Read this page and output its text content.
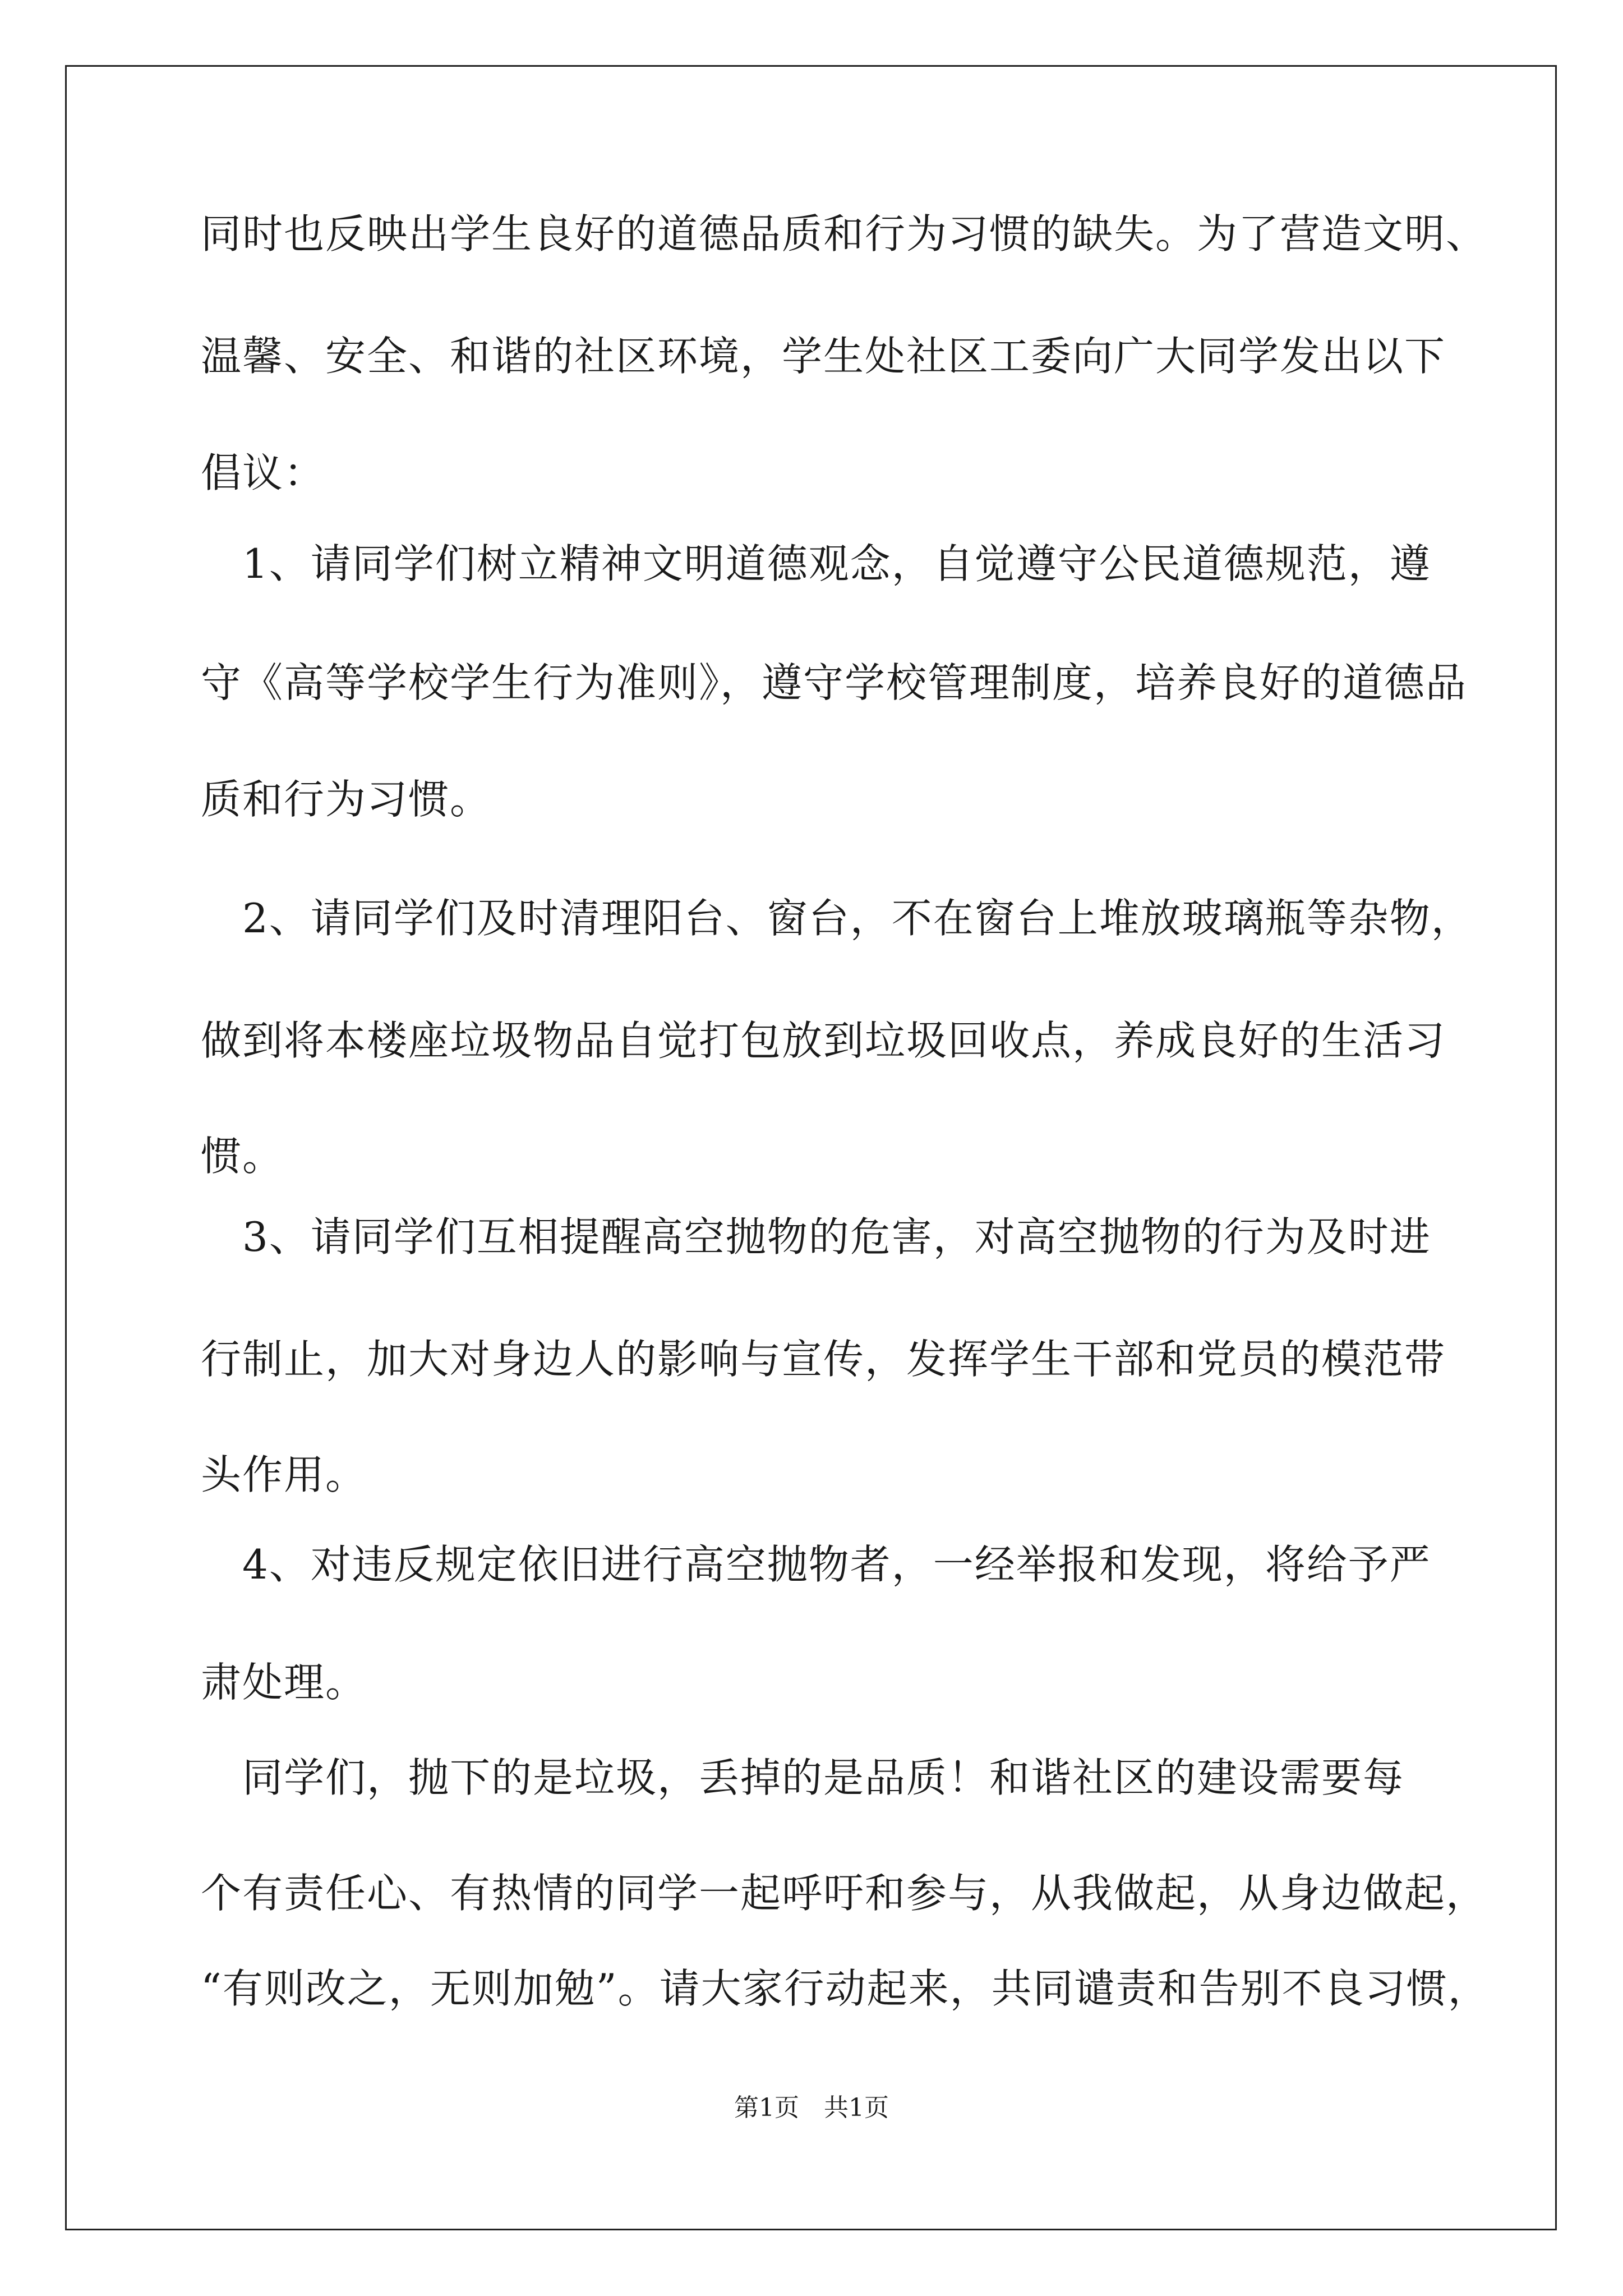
同时也反映出学生良好的道德品质和行为习惯的缺失。为了营造文明、
温馨、安全、和谐的社区环境，学生处社区工委向广大同学发出以下
倡议：
　1、请同学们树立精神文明道德观念，自觉遵守公民道德规范，遵
守《高等学校学生行为准则》，遵守学校管理制度，培养良好的道德品
质和行为习惯。
　2、请同学们及时清理阳台、窗台，不在窗台上堆放玻璃瓶等杂物，
做到将本楼座垃圾物品自觉打包放到垃圾回收点，养成良好的生活习
惯。
　3、请同学们互相提醒高空抛物的危害，对高空抛物的行为及时进
行制止，加大对身边人的影响与宣传，发挥学生干部和党员的模范带
头作用。
　4、对违反规定依旧进行高空抛物者，一经举报和发现，将给予严
肃处理。
　同学们，抛下的是垃圾，丢掉的是品质！和谐社区的建设需要每
个有责任心、有热情的同学一起呼吁和参与，从我做起，从身边做起，
“有则改之，无则加勉”。请大家行动起来，共同谴责和告别不良习惯，
第1页　共1页
